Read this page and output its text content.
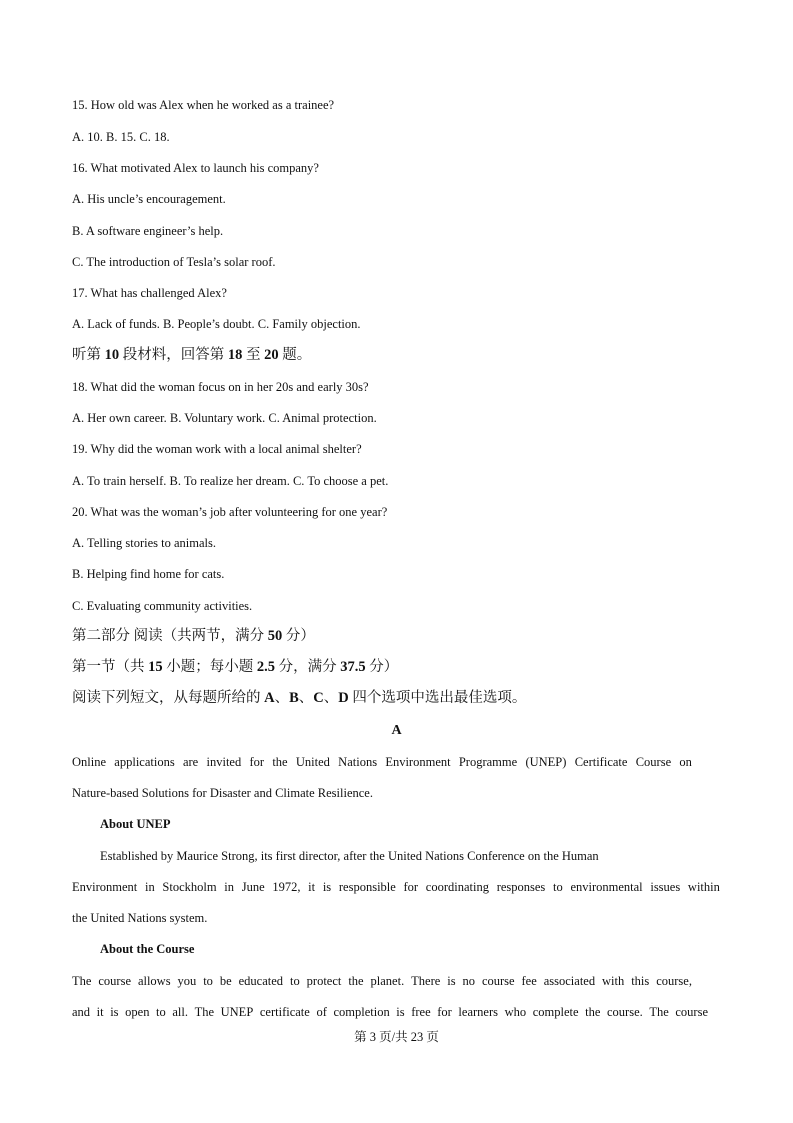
15. How old was Alex when he worked as a trainee?
A. 10. B. 15. C. 18.
16. What motivated Alex to launch his company?
A. His uncle’s encouragement.
B. A software engineer’s help.
C. The introduction of Tesla’s solar roof.
17. What has challenged Alex?
A. Lack of funds. B. People’s doubt. C. Family objection.
听第 10 段材料，回答第 18 至 20 题。
18. What did the woman focus on in her 20s and early 30s?
A. Her own career. B. Voluntary work. C. Animal protection.
19. Why did the woman work with a local animal shelter?
A. To train herself. B. To realize her dream. C. To choose a pet.
20. What was the woman’s job after volunteering for one year?
A. Telling stories to animals.
B. Helping find home for cats.
C. Evaluating community activities.
第二部分 阅读（共两节，满分 50 分）
第一节（共 15 小题；每小题 2.5 分，满分 37.5 分）
阅读下列短文，从每题所给的 A、B、C、D 四个选项中选出最佳选项。
A
Online applications are invited for the United Nations Environment Programme (UNEP) Certificate Course on
Nature-based Solutions for Disaster and Climate Resilience.
About UNEP
Established by Maurice Strong, its first director, after the United Nations Conference on the Human
Environment in Stockholm in June 1972, it is responsible for coordinating responses to environmental issues within
the United Nations system.
About the Course
The course allows you to be educated to protect the planet. There is no course fee associated with this course,
and it is open to all. The UNEP certificate of completion is free for learners who complete the course. The course
第 3 页/共 23 页
